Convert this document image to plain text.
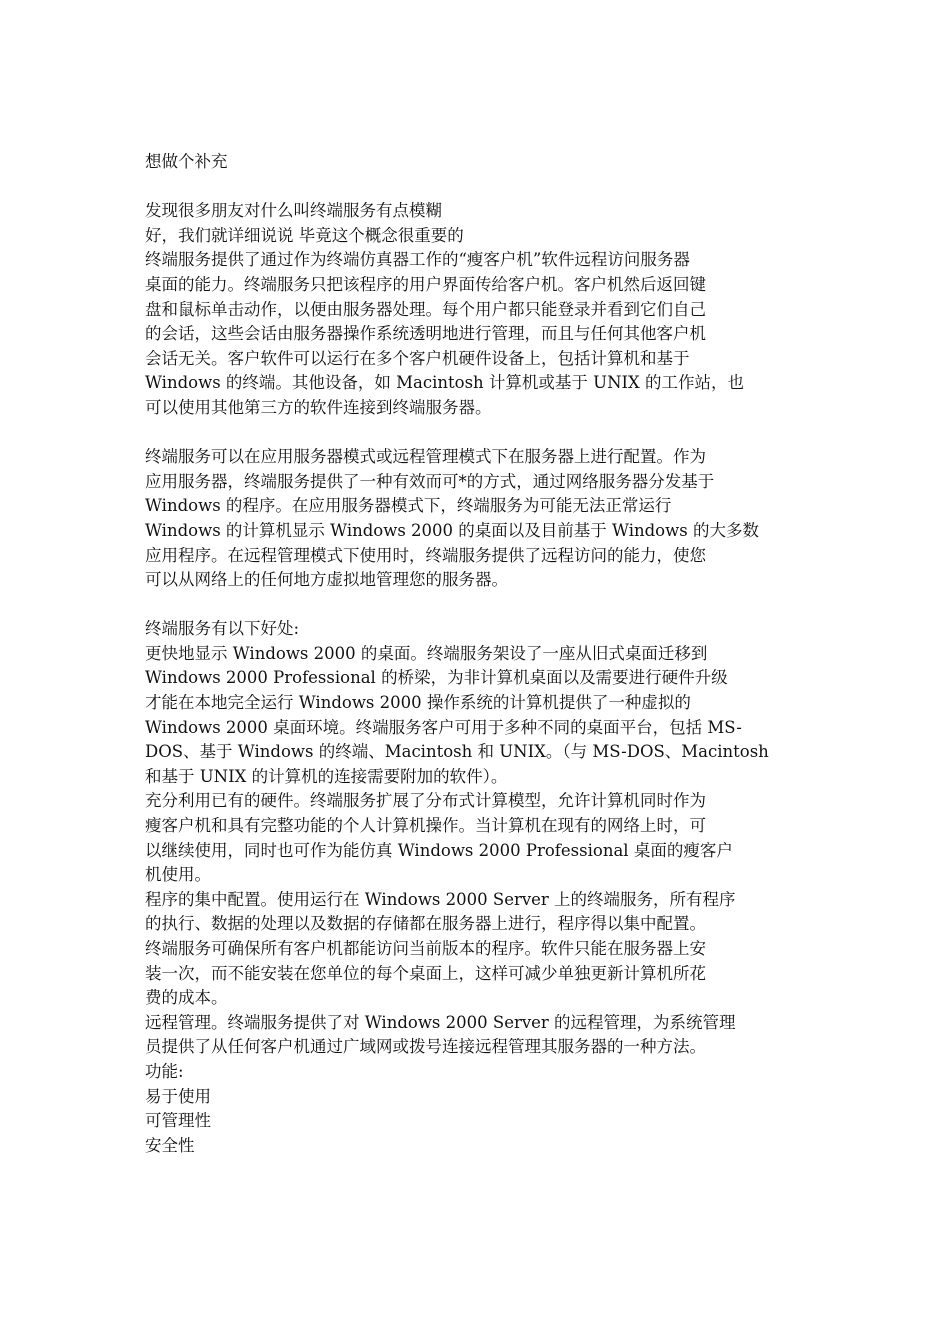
想做个补充
发现很多朋友对什么叫终端服务有点模糊
好，我们就详细说说 毕竟这个概念很重要的
终端服务提供了通过作为终端仿真器工作的“瘦客户机”软件远程访问服务器
桌面的能力。终端服务只把该程序的用户界面传给客户机。客户机然后返回键
盘和鼠标单击动作，以便由服务器处理。每个用户都只能登录并看到它们自己
的会话，这些会话由服务器操作系统透明地进行管理，而且与任何其他客户机
会话无关。客户软件可以运行在多个客户机硬件设备上，包括计算机和基于
Windows 的终端。其他设备，如 Macintosh 计算机或基于 UNIX 的工作站，也
可以使用其他第三方的软件连接到终端服务器。
终端服务可以在应用服务器模式或远程管理模式下在服务器上进行配置。作为
应用服务器，终端服务提供了一种有效而可*的方式，通过网络服务器分发基于
Windows 的程序。在应用服务器模式下，终端服务为可能无法正常运行
Windows 的计算机显示 Windows 2000 的桌面以及目前基于 Windows 的大多数
应用程序。在远程管理模式下使用时，终端服务提供了远程访问的能力，使您
可以从网络上的任何地方虚拟地管理您的服务器。
终端服务有以下好处:
更快地显示 Windows 2000 的桌面。终端服务架设了一座从旧式桌面迁移到
Windows 2000 Professional 的桥梁，为非计算机桌面以及需要进行硬件升级
才能在本地完全运行 Windows 2000 操作系统的计算机提供了一种虚拟的
Windows 2000 桌面环境。终端服务客户可用于多种不同的桌面平台，包括 MS-
DOS、基于 Windows 的终端、Macintosh 和 UNIX。（与 MS-DOS、Macintosh
和基于 UNIX 的计算机的连接需要附加的软件）。
充分利用已有的硬件。终端服务扩展了分布式计算模型，允许计算机同时作为
瘦客户机和具有完整功能的个人计算机操作。当计算机在现有的网络上时，可
以继续使用，同时也可作为能仿真 Windows 2000 Professional 桌面的瘦客户
机使用。
程序的集中配置。使用运行在 Windows 2000 Server 上的终端服务，所有程序
的执行、数据的处理以及数据的存储都在服务器上进行，程序得以集中配置。
终端服务可确保所有客户机都能访问当前版本的程序。软件只能在服务器上安
装一次，而不能安装在您单位的每个桌面上，这样可减少单独更新计算机所花
费的成本。
远程管理。终端服务提供了对 Windows 2000 Server 的远程管理，为系统管理
员提供了从任何客户机通过广域网或拨号连接远程管理其服务器的一种方法。
功能:
易于使用
可管理性
安全性
